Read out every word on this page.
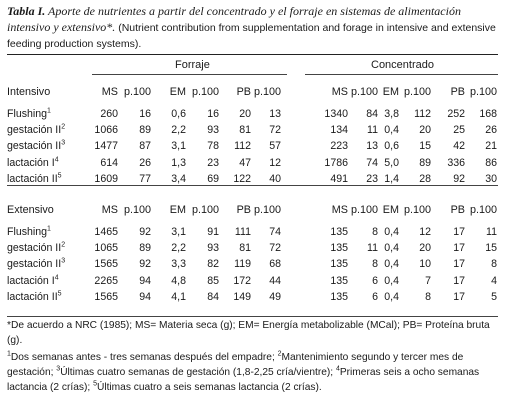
Tabla I. Aporte de nutrientes a partir del concentrado y el forraje en sistemas de alimentación intensivo y extensivo*. (Nutrient contribution from supplementation and forage in intensive and extensive feeding production systems).
Forraje	Concentrado
Intensivo	MS p.100 EM p.100 PB p.100	MS p.100 EM p.100 PB p.100
Flushing$^1$	260 16 0,6 16 20 13	1340 84 3,8 112 252 168
gestación $II^2$	1066 89 2,2 93 81 72	134 11 0,4 20 25 26
gestación $II^3$	1477 87 3,1 78 112 57	223 13 0,6 15 42 21
lactación $I^4$	614 26 1,3 23 47 12	1786 74 5,0 89 336 86
lactación $II^5$	1609 77 3,4 69 122 40	491 23 1,4 28 92 30
Extensivo	MS p.100 EM p.100 PB p.100	MS p.100 EM p.100 PB p.100
Flushing$^1$	1465 92 3,1 91 111 74	135 8 0,4 12 17 11
gestación $II^2$	1065 89 2,2 93 81 72	135 11 0,4 20 17 15
gestación $II^3$	1565 92 3,3 82 119 68	135 8 0,4 10 17 8
lactación $I^4$	2265 94 4,8 85 172 44	135 6 0,4 7 17 4
lactación $II^5$	1565 94 4,1 84 149 49	135 6 0,4 8 17 5
*De acuerdo a NRC (1985); MS= Materia seca (g); EM= Energía metabolizable (MCal); PB= Proteína bruta (g).
$^1$Dos semanas antes - tres semanas después del empadre; $^2$Mantenimiento segundo y tercer mes de gestación; $^3$Últimas cuatro semanas de gestación (1,8-2,25 cría/vientre); $^4$Primeras seis a ocho semanas lactancia (2 crías); $^5$Últimas cuatro a seis semanas lactancia (2 crías).
